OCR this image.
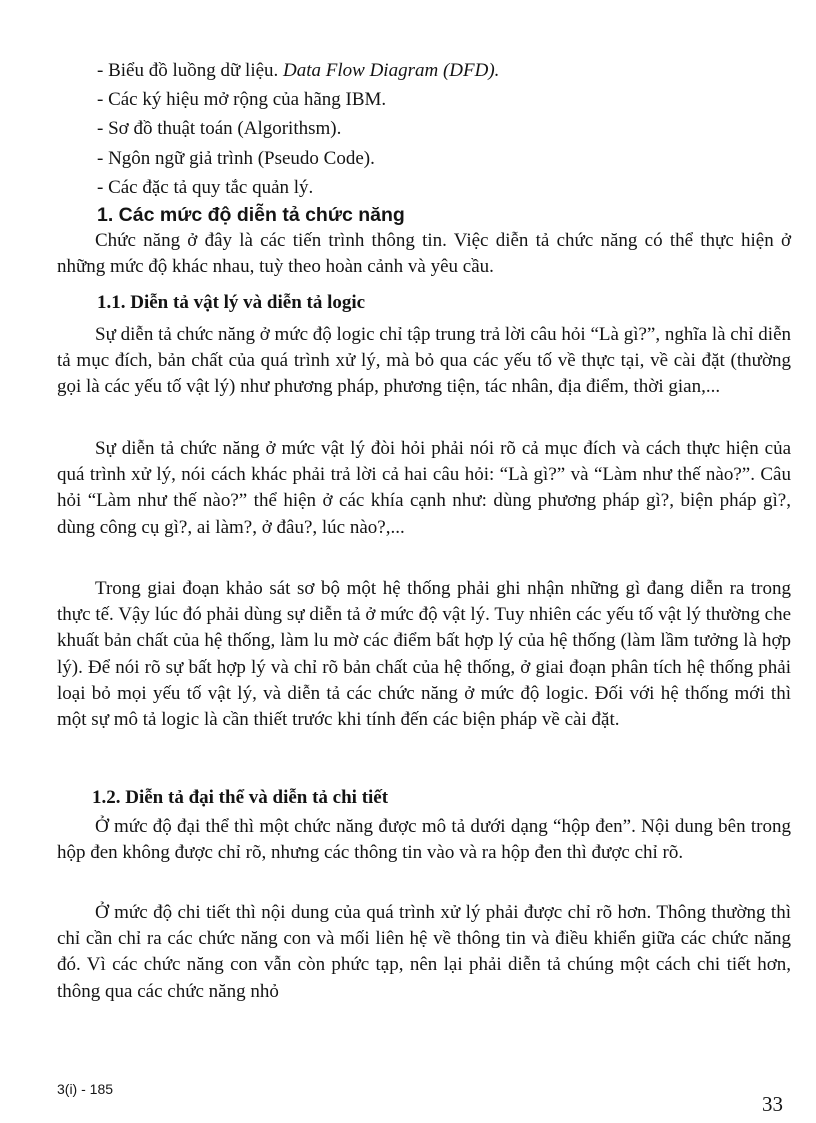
- Biểu đồ luồng dữ liệu. Data Flow Diagram (DFD).
- Các ký hiệu mở rộng của hãng IBM.
- Sơ đồ thuật toán (Algorithsm).
- Ngôn ngữ giả trình (Pseudo Code).
- Các đặc tả quy tắc quản lý.
1. Các mức độ diễn tả chức năng

Chức năng ở đây là các tiến trình thông tin. Việc diễn tả chức năng có thể thực hiện ở những mức độ khác nhau, tuỳ theo hoàn cảnh và yêu cầu.

1.1. Diễn tả vật lý và diễn tả logic

Sự diễn tả chức năng ở mức độ logic chỉ tập trung trả lời câu hỏi “Là gì?”, nghĩa là chỉ diễn tả mục đích, bản chất của quá trình xử lý, mà bỏ qua các yếu tố về thực tại, về cài đặt (thường gọi là các yếu tố vật lý) như phương pháp, phương tiện, tác nhân, địa điểm, thời gian,...

Sự diễn tả chức năng ở mức vật lý đòi hỏi phải nói rõ cả mục đích và cách thực hiện của quá trình xử lý, nói cách khác phải trả lời cả hai câu hỏi: “Là gì?” và “Làm như thế nào?”. Câu hỏi “Làm như thế nào?” thể hiện ở các khía cạnh như: dùng phương pháp gì?, biện pháp gì?, dùng công cụ gì?, ai làm?, ở đâu?, lúc nào?,...

Trong giai đoạn khảo sát sơ bộ một hệ thống phải ghi nhận những gì đang diễn ra trong thực tế. Vậy lúc đó phải dùng sự diễn tả ở mức độ vật lý. Tuy nhiên các yếu tố vật lý thường che khuất bản chất của hệ thống, làm lu mờ các điểm bất hợp lý của hệ thống (làm lầm tưởng là hợp lý). Để nói rõ sự bất hợp lý và chỉ rõ bản chất của hệ thống, ở giai đoạn phân tích hệ thống phải loại bỏ mọi yếu tố vật lý, và diễn tả các chức năng ở mức độ logic. Đối với hệ thống mới thì một sự mô tả logic là cần thiết trước khi tính đến các biện pháp về cài đặt.

1.2. Diễn tả đại thể và diễn tả chi tiết

Ở mức độ đại thể thì một chức năng được mô tả dưới dạng “hộp đen”. Nội dung bên trong hộp đen không được chỉ rõ, nhưng các thông tin vào và ra hộp đen thì được chỉ rõ.

Ở mức độ chi tiết thì nội dung của quá trình xử lý phải được chỉ rõ hơn. Thông thường thì chỉ cần chỉ ra các chức năng con và mối liên hệ về thông tin và điều khiển giữa các chức năng đó. Vì các chức năng con vẫn còn phức tạp, nên lại phải diễn tả chúng một cách chi tiết hơn, thông qua các chức năng nhỏ

3(i) - 185
33
